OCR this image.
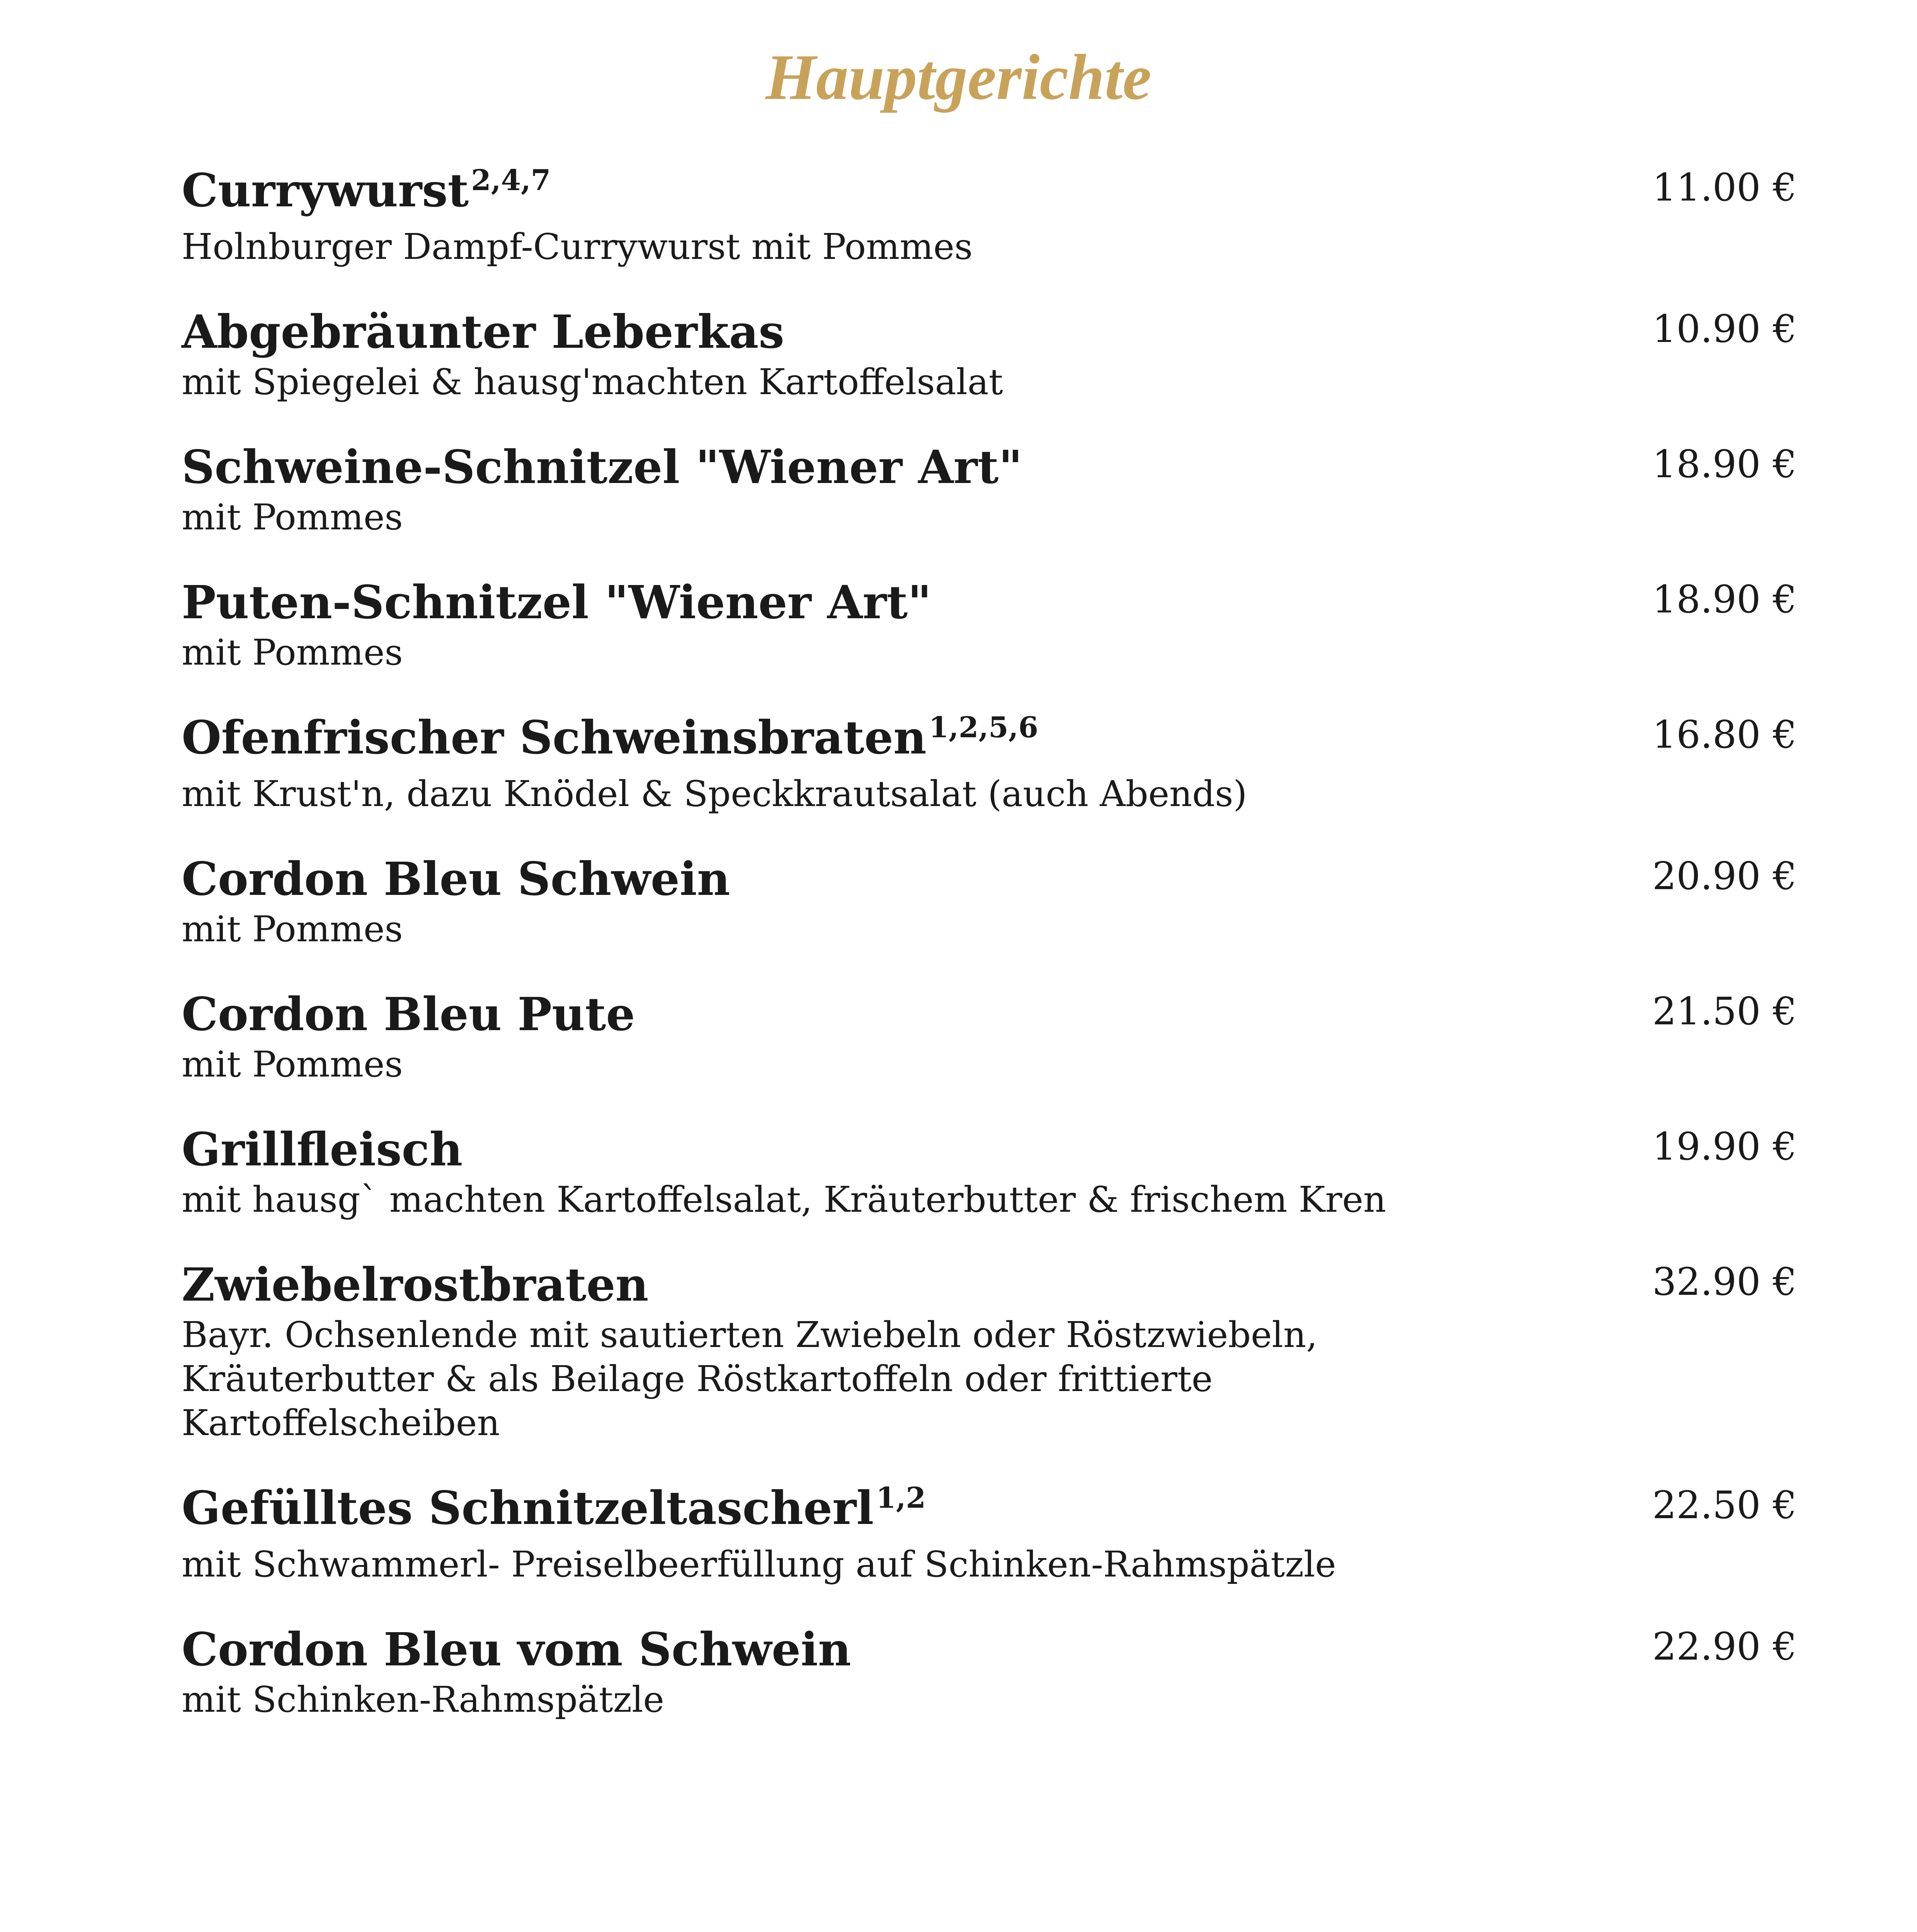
Hauptgerichte
Currywurst$^{2,4,7}$
Holnburger Dampf-Currywurst mit Pommes
11.00 €
Abgebräunter Leberkas
mit Spiegelei & hausg'machten Kartoffelsalat
10.90 €
Schweine-Schnitzel "Wiener Art"
mit Pommes
18.90 €
Puten-Schnitzel "Wiener Art"
mit Pommes
18.90 €
Ofenfrischer Schweinsbraten$^{1,2,5,6}$
mit Krust'n, dazu Knödel & Speckkrautsalat (auch Abends)
16.80 €
Cordon Bleu Schwein
mit Pommes
20.90 €
Cordon Bleu Pute
mit Pommes
21.50 €
Grillfleisch
mit hausg` machten Kartoffelsalat, Kräuterbutter & frischem Kren
19.90 €
Zwiebelrostbraten
Bayr. Ochsenlende mit sautierten Zwiebeln oder Röstzwiebeln, Kräuterbutter & als Beilage Röstkartoffeln oder frittierte Kartoffelscheiben
32.90 €
Gefülltes Schnitzeltascherl$^{1,2}$
mit Schwammerl- Preiselbeerfüllung auf Schinken-Rahmspätzle
22.50 €
Cordon Bleu vom Schwein
mit Schinken-Rahmspätzle
22.90 €
